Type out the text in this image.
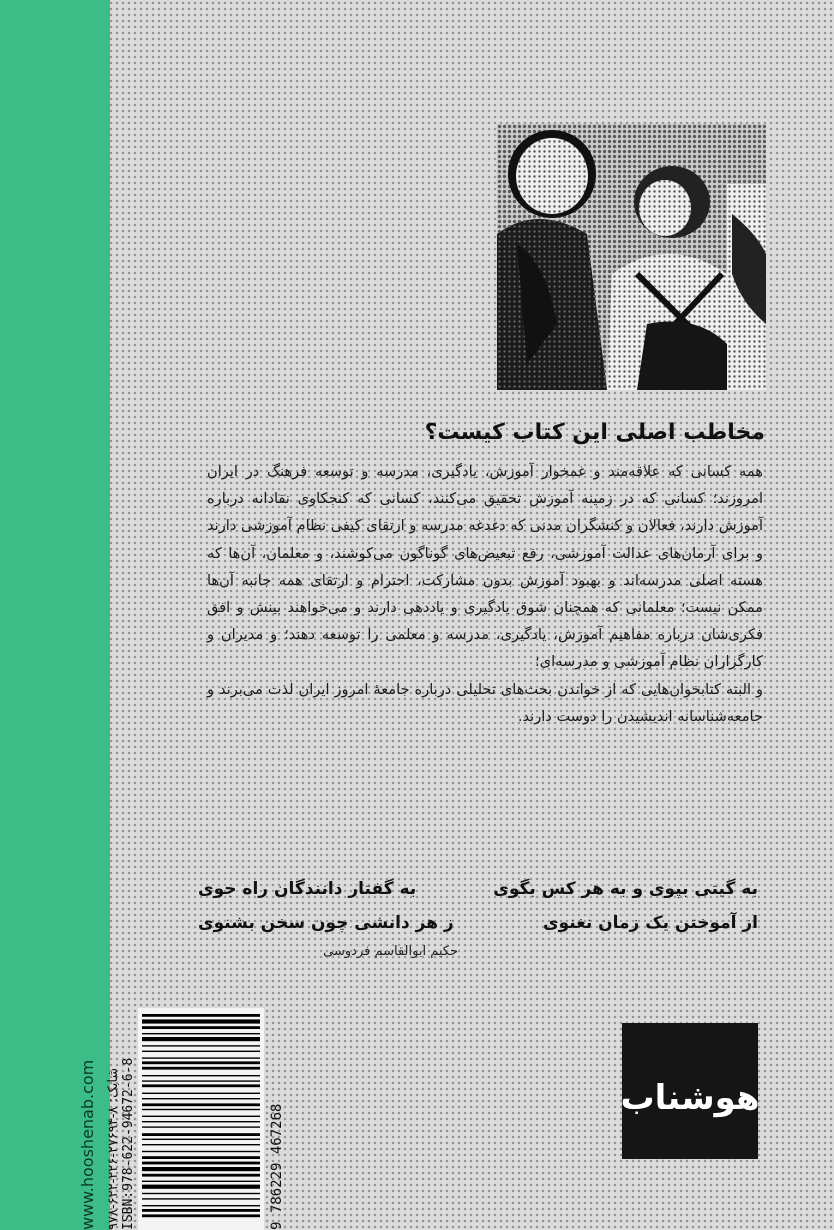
مخاطب اصلی این کتاب کیست؟

همه کسانی که علاقه‌مند و غمخوار آموزش، یادگیری، مدرسه و توسعه فرهنگ در ایران امروزند؛ کسانی که در زمینه آموزش تحقیق می‌کنند، کسانی که کنجکاوی نقادانه درباره آموزش دارند، فعالان و کنشگران مدنی که دغدغه مدرسه و ارتقای کیفی نظام آموزشی دارند و برای آرمان‌های عدالت آموزشی، رفع تبعیض‌های گوناگون می‌کوشند، و معلمان، آن‌ها که هسته اصلی مدرسه‌اند و بهبود آموزش بدون مشارکت، احترام و ارتقای همه جانبه آن‌ها ممکن نیست؛ معلمانی که همچنان شوق یادگیری و یاددهی دارند و می‌خواهند بینش و افق فکری‌شان درباره مفاهیم آموزش، یادگیری، مدرسه و معلمی را توسعه دهند؛ و مدیران و کارگزاران نظام آموزشی و مدرسه‌ای؛
و البته کتابخوان‌هایی که از خواندن بحث‌های تحلیلی درباره جامعهٔ امروز ایران لذت می‌برند و جامعه‌شناسانه اندیشیدن را دوست دارند.

به گیتی بپوی و به هر کس بگوی
به گفتار دانندگان راه جوی
از آموختن یک زمان نغنوی
ز هر دانشی چون سخن بشنوی
حکیم ابوالقاسم فردوسی
www.hooshenab.com شابک: ۸-۲۷۶۹۴-۲۲۶-۶۲۲-۹۷۸ ISBN:978-622-94672-6-8	9 786229 467268
هوشناب
